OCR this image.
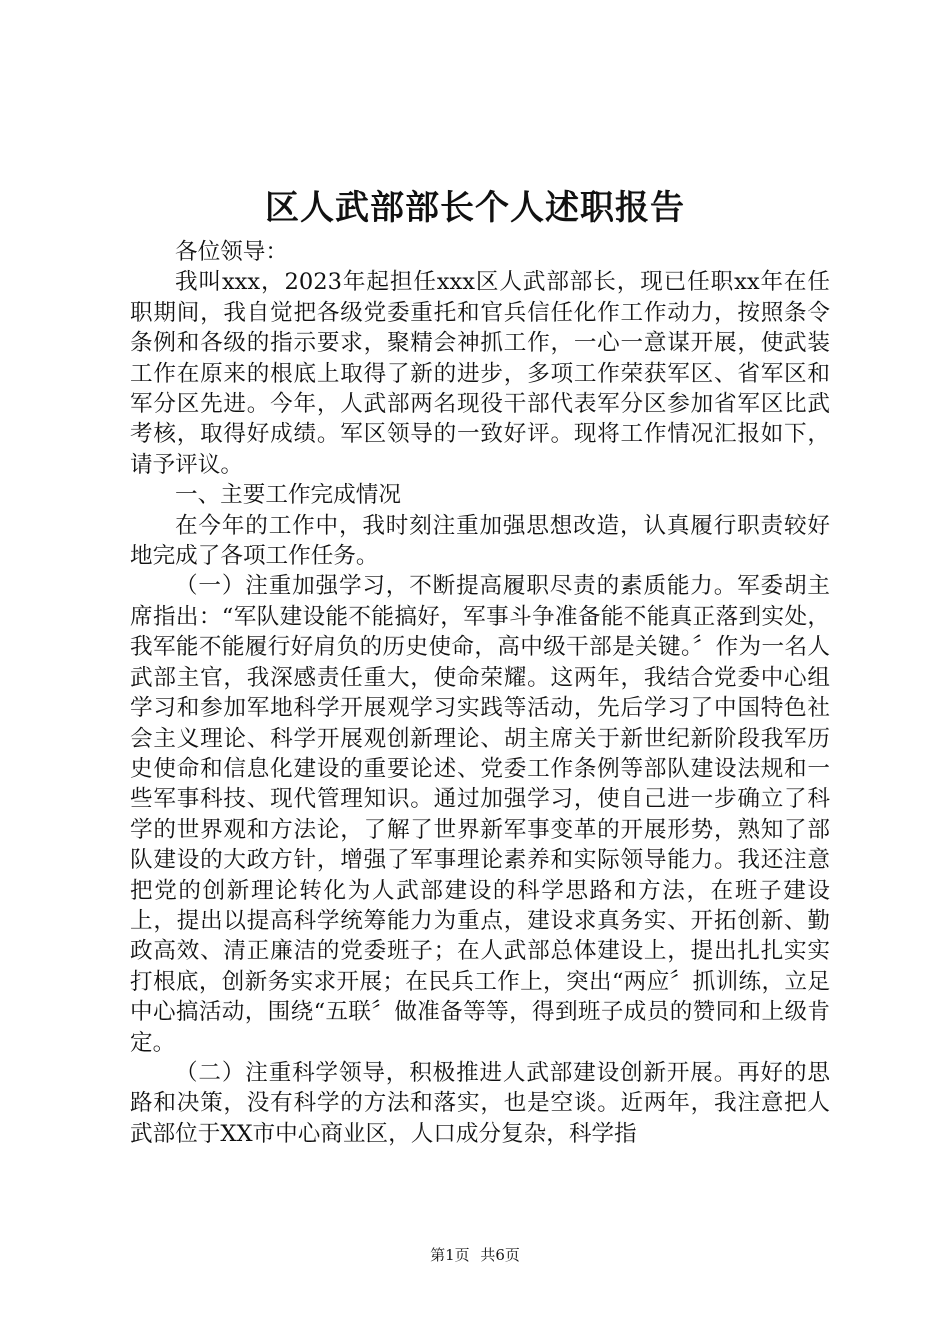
区人武部部长个人述职报告

各位领导：

我叫xxx，2023年起担任xxx区人武部部长，现已任职xx年在任职期间，我自觉把各级党委重托和官兵信任化作工作动力，按照条令条例和各级的指示要求，聚精会神抓工作，一心一意谋开展，使武装工作在原来的根底上取得了新的进步，多项工作荣获军区、省军区和军分区先进。今年，人武部两名现役干部代表军分区参加省军区比武考核，取得好成绩。军区领导的一致好评。现将工作情况汇报如下，请予评议。

一、主要工作完成情况

在今年的工作中，我时刻注重加强思想改造，认真履行职责较好地完成了各项工作任务。

（一）注重加强学习，不断提高履职尽责的素质能力。军委胡主席指出：“军队建设能不能搞好，军事斗争准备能不能真正落到实处，我军能不能履行好肩负的历史使命，高中级干部是关键。〞作为一名人武部主官，我深感责任重大，使命荣耀。这两年，我结合党委中心组学习和参加军地科学开展观学习实践等活动，先后学习了中国特色社会主义理论、科学开展观创新理论、胡主席关于新世纪新阶段我军历史使命和信息化建设的重要论述、党委工作条例等部队建设法规和一些军事科技、现代管理知识。通过加强学习，使自己进一步确立了科学的世界观和方法论，了解了世界新军事变革的开展形势，熟知了部队建设的大政方针，增强了军事理论素养和实际领导能力。我还注意把党的创新理论转化为人武部建设的科学思路和方法，在班子建设上，提出以提高科学统筹能力为重点，建设求真务实、开拓创新、勤政高效、清正廉洁的党委班子；在人武部总体建设上，提出扎扎实实打根底，创新务实求开展；在民兵工作上，突出“两应〞抓训练，立足中心搞活动，围绕“五联〞做准备等等，得到班子成员的赞同和上级肯定。

（二）注重科学领导，积极推进人武部建设创新开展。再好的思路和决策，没有科学的方法和落实，也是空谈。近两年，我注意把人武部位于XX市中心商业区，人口成分复杂，科学指

第1页 共6页
